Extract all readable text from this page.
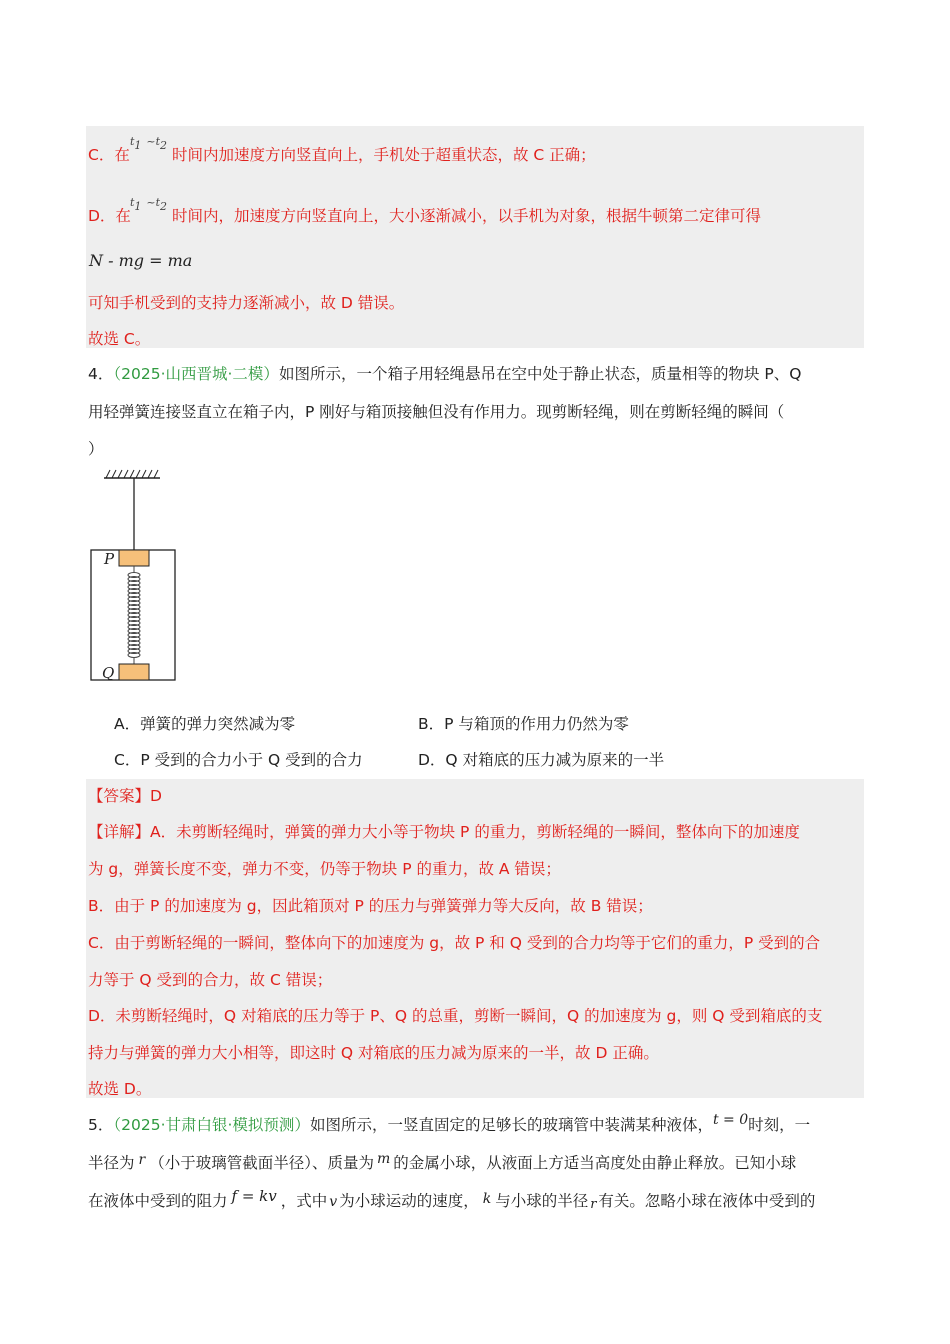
C．在
$t_1$ $\sim t_2$
时间内加速度方向竖直向上，手机处于超重状态，故 C 正确；
D．在
$t_1$ $\sim t_2$
时间内，加速度方向竖直向上，大小逐渐减小，以手机为对象，根据牛顿第二定律可得
N - mg = ma
可知手机受到的支持力逐渐减小，故 D 错误。
故选 C。
4．（2025·山西晋城·二模）如图所示，一个箱子用轻绳悬吊在空中处于静止状态，质量相等的物块 P、Q
用轻弹簧连接竖直立在箱子内，P 刚好与箱顶接触但没有作用力。现剪断轻绳，则在剪断轻绳的瞬间（
）
P
Q
A．弹簧的弹力突然减为零	B．P 与箱顶的作用力仍然为零
C．P 受到的合力小于 Q 受到的合力	D．Q 对箱底的压力减为原来的一半
【答案】D
【详解】A．未剪断轻绳时，弹簧的弹力大小等于物块 P 的重力，剪断轻绳的一瞬间，整体向下的加速度
为 g，弹簧长度不变，弹力不变，仍等于物块 P 的重力，故 A 错误；
B．由于 P 的加速度为 g，因此箱顶对 P 的压力与弹簧弹力等大反向，故 B 错误；
C．由于剪断轻绳的一瞬间，整体向下的加速度为 g，故 P 和 Q 受到的合力均等于它们的重力，P 受到的合
力等于 Q 受到的合力，故 C 错误；
D．未剪断轻绳时，Q 对箱底的压力等于 P、Q 的总重，剪断一瞬间，Q 的加速度为 g，则 Q 受到箱底的支
持力与弹簧的弹力大小相等，即这时 Q 对箱底的压力减为原来的一半，故 D 正确。
故选 D。
5．（2025·甘肃白银·模拟预测）如图所示，一竖直固定的足够长的玻璃管中装满某种液体，t = 0时刻，一
半径为 r （小于玻璃管截面半径）、质量为 m 的金属小球，从液面上方适当高度处由静止释放。已知小球
在液体中受到的阻力 f = kv ，式中 v 为小球运动的速度， k 与小球的半径 r 有关。忽略小球在液体中受到的
